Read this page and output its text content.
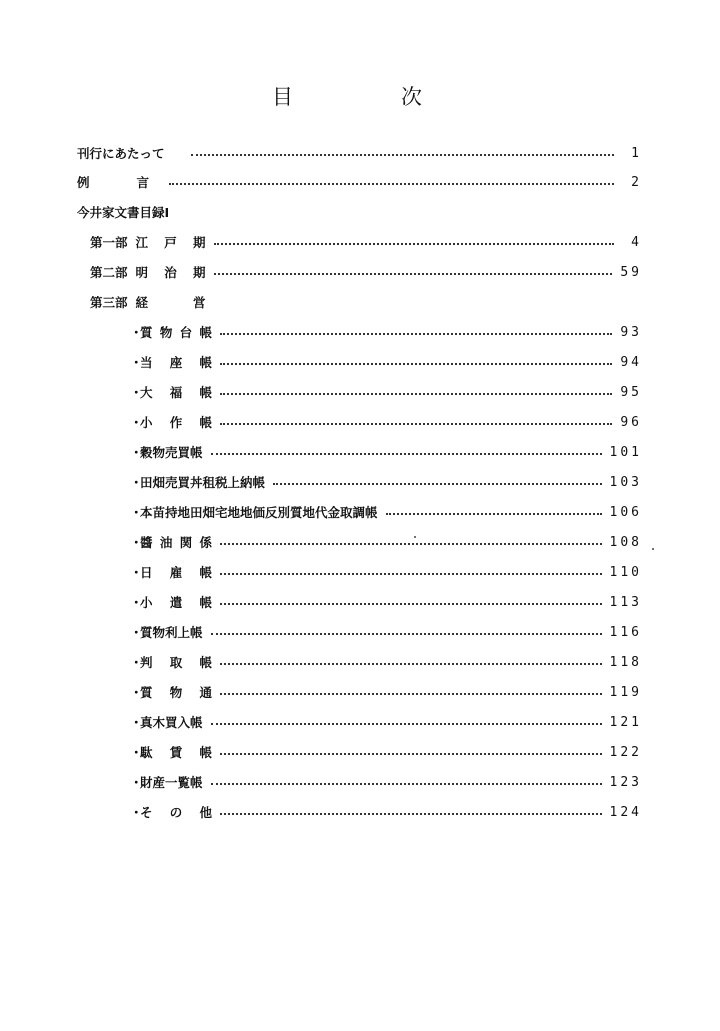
目	次
刊行にあたって	1
例	言	2
今井家文書目録Ⅰ
第一部 江 戸 期	4
第二部 明 治 期	59
第三部 経	営
・
質 物 台 帳	93
・
当 座 帳	94
・
大 福 帳	95
・
小 作 帳	96
・
穀物売買帳	101
・
田畑売買丼租税上納帳	103
・
本苗持地田畑宅地地価反別質地代金取調帳	106
・
醬 油 関 係	108
・
日 雇 帳	110
・
小 遣 帳	113
・
質物利上帳	116
・
判 取 帳	118
・
質 物 通	119
・
真木買入帳	121
・
駄 賃 帳	122
・
財産一覧帳	123
・
そ の 他	124
